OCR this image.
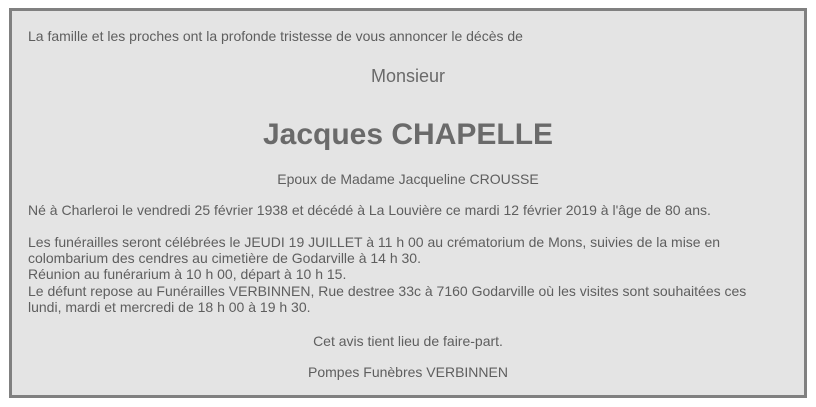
La famille et les proches ont la profonde tristesse de vous annoncer le décès de
Monsieur
Jacques CHAPELLE
Epoux de Madame Jacqueline CROUSSE
Né à Charleroi le vendredi 25 février 1938 et décédé à La Louvière ce mardi 12 février 2019 à l'âge de 80 ans.
Les funérailles seront célébrées le JEUDI 19 JUILLET à 11 h 00 au crématorium de Mons, suivies de la mise en
colombarium des cendres au cimetière de Godarville à 14 h 30.
Réunion au funérarium à 10 h 00, départ à 10 h 15.
Le défunt repose au Funérailles VERBINNEN, Rue destree 33c à 7160 Godarville où les visites sont souhaitées ces
lundi, mardi et mercredi de 18 h 00 à 19 h 30.
Cet avis tient lieu de faire-part.
Pompes Funèbres VERBINNEN
